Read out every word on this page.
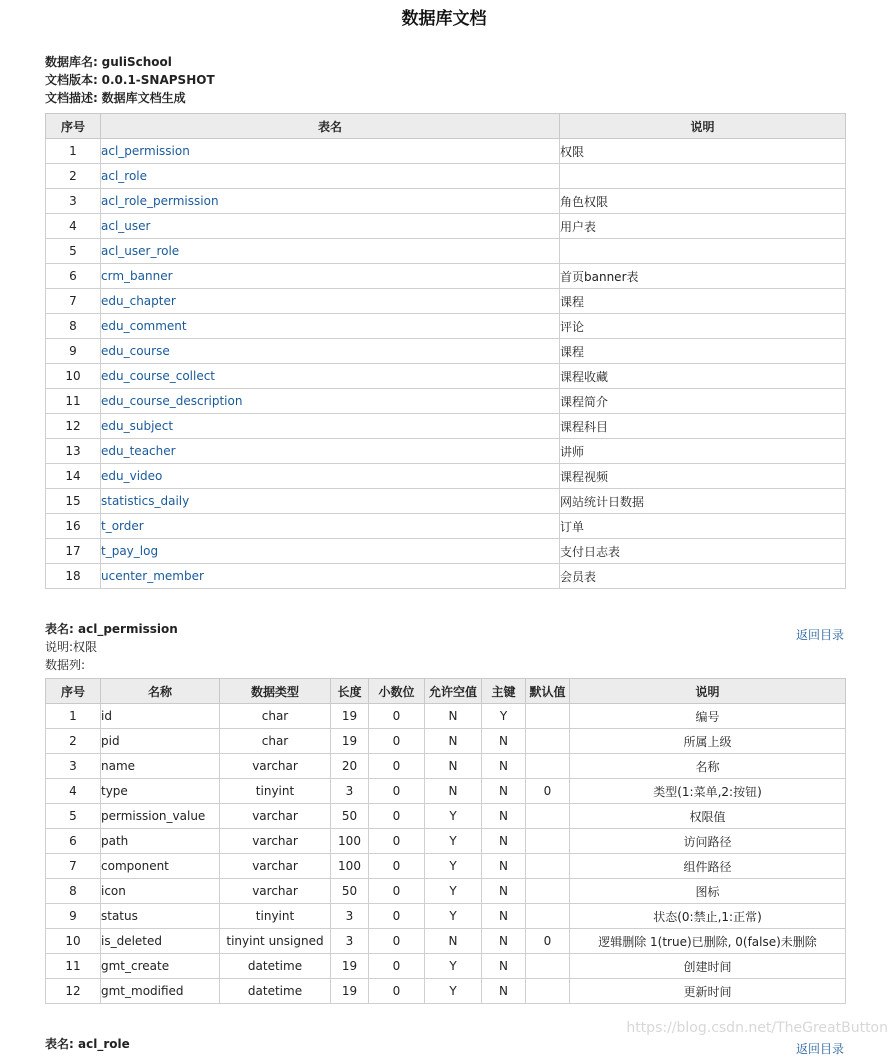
数据库文档
数据库名: guliSchool
文档版本: 0.0.1-SNAPSHOT
文档描述: 数据库文档生成
序号	表名	说明
1	acl_permission	权限
2	acl_role	
3	acl_role_permission	角色权限
4	acl_user	用户表
5	acl_user_role	
6	crm_banner	首页banner表
7	edu_chapter	课程
8	edu_comment	评论
9	edu_course	课程
10	edu_course_collect	课程收藏
11	edu_course_description	课程简介
12	edu_subject	课程科目
13	edu_teacher	讲师
14	edu_video	课程视频
15	statistics_daily	网站统计日数据
16	t_order	订单
17	t_pay_log	支付日志表
18	ucenter_member	会员表
表名: acl_permission	返回目录
说明:权限
数据列:
序号	名称	数据类型	长度	小数位	允许空值	主键	默认值	说明
1	id	char	19	0	N	Y		编号
2	pid	char	19	0	N	N		所属上级
3	name	varchar	20	0	N	N		名称
4	type	tinyint	3	0	N	N	0	类型(1:菜单,2:按钮)
5	permission_value	varchar	50	0	Y	N		权限值
6	path	varchar	100	0	Y	N		访问路径
7	component	varchar	100	0	Y	N		组件路径
8	icon	varchar	50	0	Y	N		图标
9	status	tinyint	3	0	Y	N		状态(0:禁止,1:正常)
10	is_deleted	tinyint unsigned	3	0	N	N	0	逻辑删除 1(true)已删除, 0(false)未删除
11	gmt_create	datetime	19	0	Y	N		创建时间
12	gmt_modified	datetime	19	0	Y	N		更新时间
表名: acl_role	返回目录
https://blog.csdn.net/TheGreatButton
